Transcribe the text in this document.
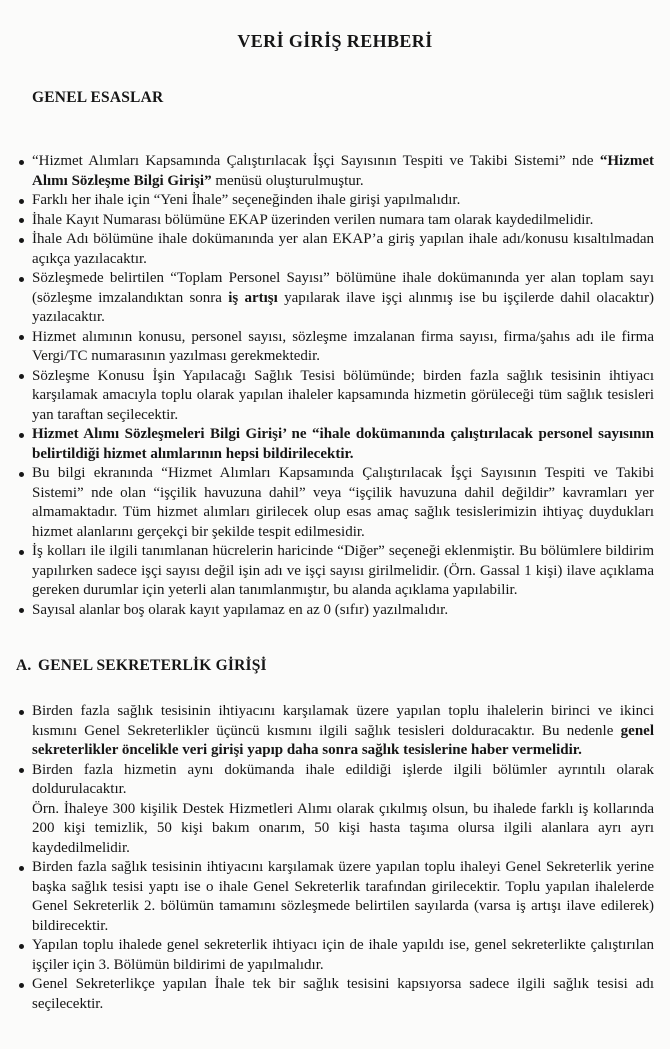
VERİ GİRİŞ REHBERİ
GENEL ESASLAR
“Hizmet Alımları Kapsamında Çalıştırılacak İşçi Sayısının Tespiti ve Takibi Sistemi” nde “Hizmet Alımı Sözleşme Bilgi Girişi” menüsü oluşturulmuştur.
Farklı her ihale için “Yeni İhale” seçeneğinden ihale girişi yapılmalıdır.
İhale Kayıt Numarası bölümüne EKAP üzerinden verilen numara tam olarak kaydedilmelidir.
İhale Adı bölümüne ihale dokümanında yer alan EKAP’a giriş yapılan ihale adı/konusu kısaltılmadan açıkça yazılacaktır.
Sözleşmede belirtilen “Toplam Personel Sayısı” bölümüne ihale dokümanında yer alan toplam sayı (sözleşme imzalandıktan sonra iş artışı yapılarak ilave işçi alınmış ise bu işçilerde dahil olacaktır) yazılacaktır.
Hizmet alımının konusu, personel sayısı, sözleşme imzalanan firma sayısı, firma/şahıs adı ile firma Vergi/TC numarasının yazılması gerekmektedir.
Sözleşme Konusu İşin Yapılacağı Sağlık Tesisi bölümünde; birden fazla sağlık tesisinin ihtiyacı karşılamak amacıyla toplu olarak yapılan ihaleler kapsamında hizmetin görüleceği tüm sağlık tesisleri yan taraftan seçilecektir.
Hizmet Alımı Sözleşmeleri Bilgi Girişi’ ne “ihale dokümanında çalıştırılacak personel sayısının belirtildiği hizmet alımlarının hepsi bildirilecektir.
Bu bilgi ekranında “Hizmet Alımları Kapsamında Çalıştırılacak İşçi Sayısının Tespiti ve Takibi Sistemi” nde olan “işçilik havuzuna dahil” veya “işçilik havuzuna dahil değildir” kavramları yer almamaktadır. Tüm hizmet alımları girilecek olup esas amaç sağlık tesislerimizin ihtiyaç duydukları hizmet alanlarını gerçekçi bir şekilde tespit edilmesidir.
İş kolları ile ilgili tanımlanan hücrelerin haricinde “Diğer” seçeneği eklenmiştir. Bu bölümlere bildirim yapılırken sadece işçi sayısı değil işin adı ve işçi sayısı girilmelidir. (Örn. Gassal 1 kişi) ilave açıklama gereken durumlar için yeterli alan tanımlanmıştır, bu alanda açıklama yapılabilir.
Sayısal alanlar boş olarak kayıt yapılamaz en az 0 (sıfır) yazılmalıdır.
A. GENEL SEKRETERLİK GİRİŞİ
Birden fazla sağlık tesisinin ihtiyacını karşılamak üzere yapılan toplu ihalelerin birinci ve ikinci kısmını Genel Sekreterlikler üçüncü kısmını ilgili sağlık tesisleri dolduracaktır. Bu nedenle genel sekreterlikler öncelikle veri girişi yapıp daha sonra sağlık tesislerine haber vermelidir.
Birden fazla hizmetin aynı dokümanda ihale edildiği işlerde ilgili bölümler ayrıntılı olarak doldurulacaktır.
Örn. İhaleye 300 kişilik Destek Hizmetleri Alımı olarak çıkılmış olsun, bu ihalede farklı iş kollarında 200 kişi temizlik, 50 kişi bakım onarım, 50 kişi hasta taşıma olursa ilgili alanlara ayrı ayrı kaydedilmelidir.
Birden fazla sağlık tesisinin ihtiyacını karşılamak üzere yapılan toplu ihaleyi Genel Sekreterlik yerine başka sağlık tesisi yaptı ise o ihale Genel Sekreterlik tarafından girilecektir. Toplu yapılan ihalelerde Genel Sekreterlik 2. bölümün tamamını sözleşmede belirtilen sayılarda (varsa iş artışı ilave edilerek) bildirecektir.
Yapılan toplu ihalede genel sekreterlik ihtiyacı için de ihale yapıldı ise, genel sekreterlikte çalıştırılan işçiler için 3. Bölümün bildirimi de yapılmalıdır.
Genel Sekreterlikçe yapılan İhale tek bir sağlık tesisini kapsıyorsa sadece ilgili sağlık tesisi adı seçilecektir.
